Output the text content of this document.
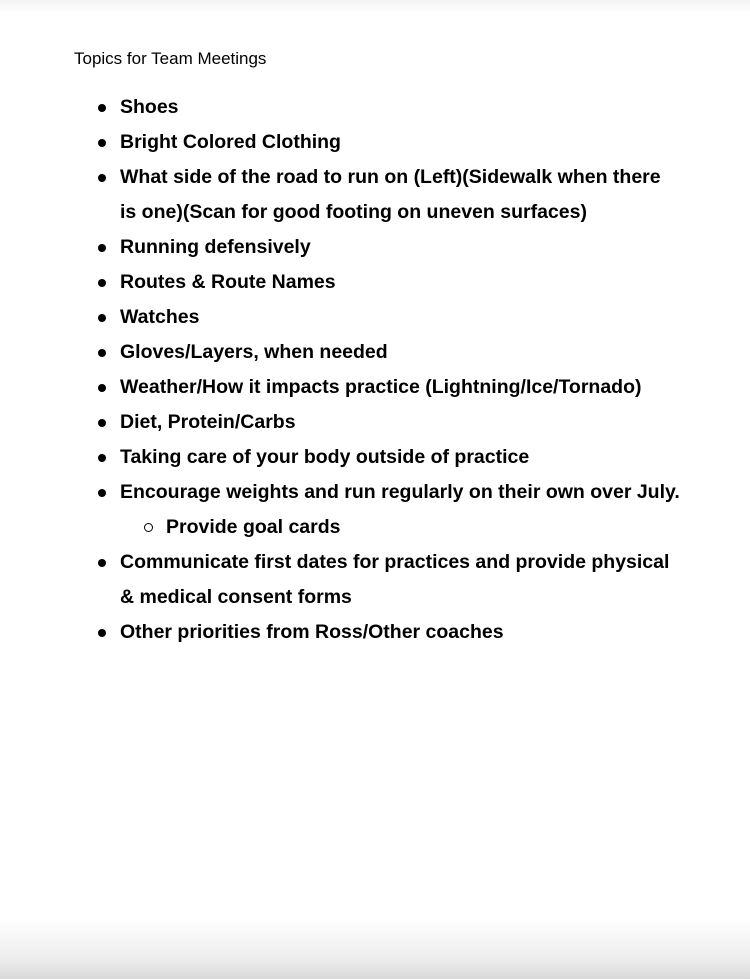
Topics for Team Meetings
Shoes
Bright Colored Clothing
What side of the road to run on (Left)(Sidewalk when there is one)(Scan for good footing on uneven surfaces)
Running defensively
Routes & Route Names
Watches
Gloves/Layers, when needed
Weather/How it impacts practice (Lightning/Ice/Tornado)
Diet, Protein/Carbs
Taking care of your body outside of practice
Encourage weights and run regularly on their own over July.
Provide goal cards
Communicate first dates for practices and provide physical & medical consent forms
Other priorities from Ross/Other coaches
